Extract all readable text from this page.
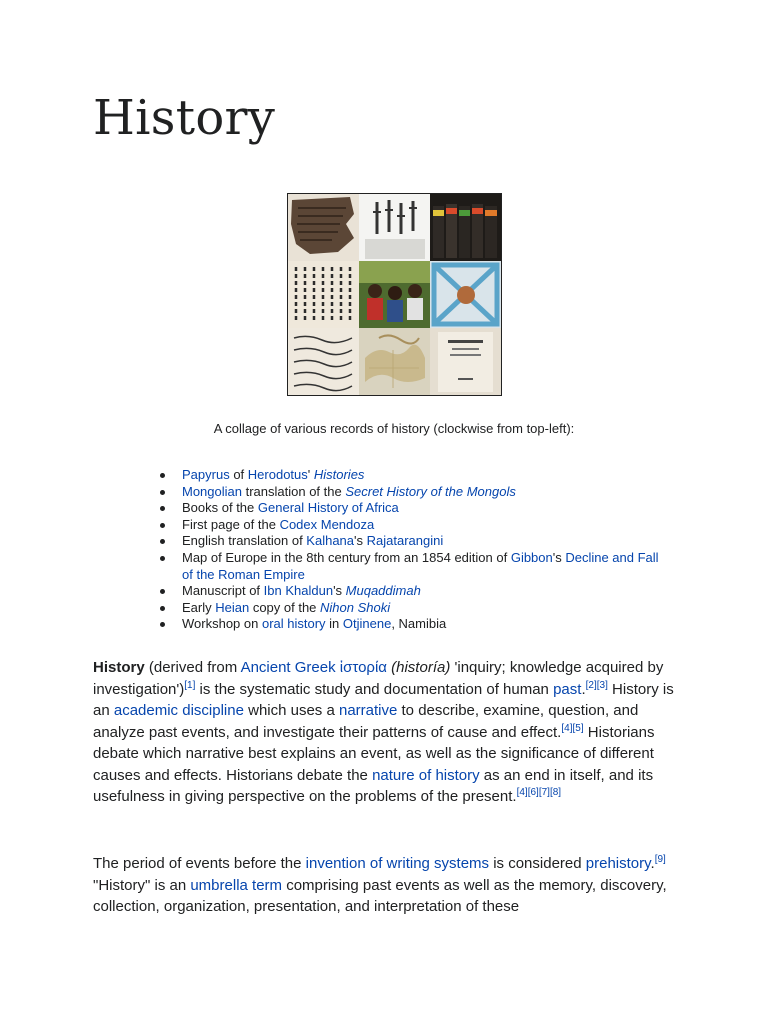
History
A collage of various records of history (clockwise from top-left):
Papyrus of Herodotus' Histories
Mongolian translation of the Secret History of the Mongols
Books of the General History of Africa
First page of the Codex Mendoza
English translation of Kalhana's Rajatarangini
Map of Europe in the 8th century from an 1854 edition of Gibbon's Decline and Fall of the Roman Empire
Manuscript of Ibn Khaldun's Muqaddimah
Early Heian copy of the Nihon Shoki
Workshop on oral history in Otjinene, Namibia

History (derived from Ancient Greek ἱστορία (historía) 'inquiry; knowledge acquired by investigation')[1] is the systematic study and documentation of human past.[2][3] History is an academic discipline which uses a narrative to describe, examine, question, and analyze past events, and investigate their patterns of cause and effect.[4][5] Historians debate which narrative best explains an event, as well as the significance of different causes and effects. Historians debate the nature of history as an end in itself, and its usefulness in giving perspective on the problems of the present.[4][6][7][8]

The period of events before the invention of writing systems is considered prehistory.[9] "History" is an umbrella term comprising past events as well as the memory, discovery, collection, organization, presentation, and interpretation of these
